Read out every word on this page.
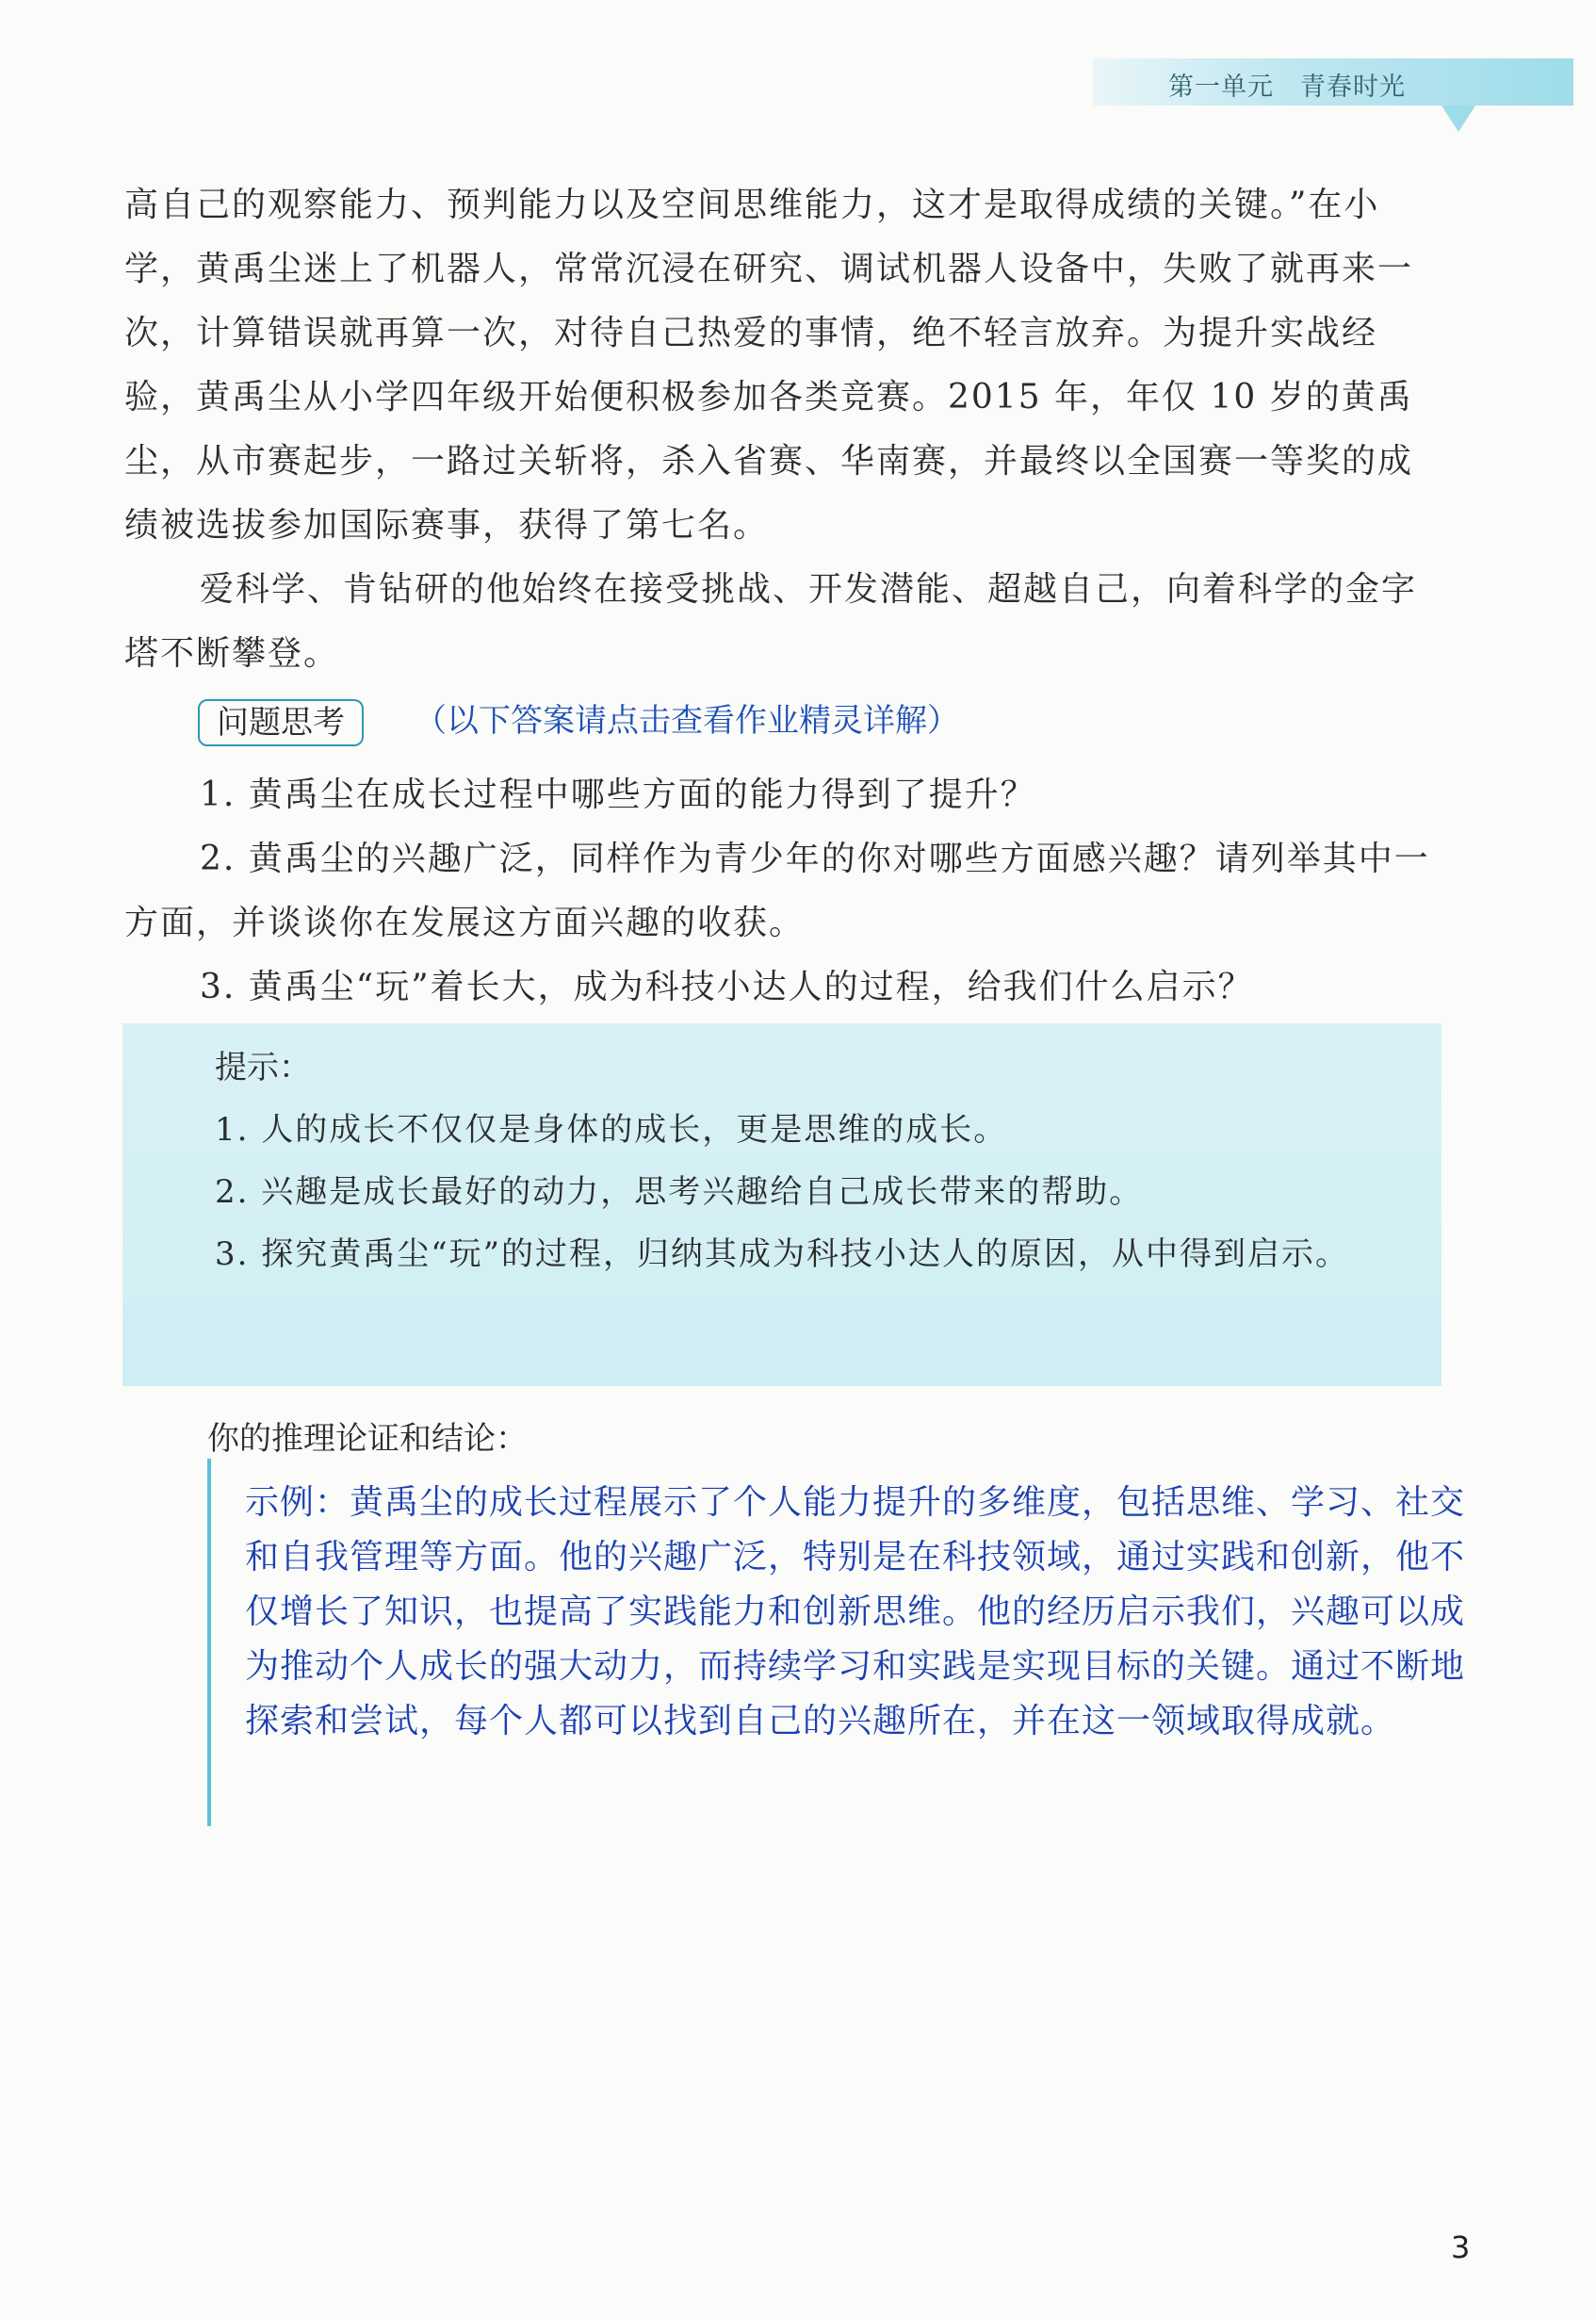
第一单元　青春时光

高自己的观察能力、预判能力以及空间思维能力，这才是取得成绩的关键。”在小学，黄禹尘迷上了机器人，常常沉浸在研究、调试机器人设备中，失败了就再来一次，计算错误就再算一次，对待自己热爱的事情，绝不轻言放弃。为提升实战经验，黄禹尘从小学四年级开始便积极参加各类竞赛。2015 年，年仅 10 岁的黄禹尘，从市赛起步，一路过关斩将，杀入省赛、华南赛，并最终以全国赛一等奖的成绩被选拔参加国际赛事，获得了第七名。

爱科学、肯钻研的他始终在接受挑战、开发潜能、超越自己，向着科学的金字塔不断攀登。

问题思考	（以下答案请点击查看作业精灵详解）

1. 黄禹尘在成长过程中哪些方面的能力得到了提升？

2. 黄禹尘的兴趣广泛，同样作为青少年的你对哪些方面感兴趣？请列举其中一方面，并谈谈你在发展这方面兴趣的收获。

3. 黄禹尘“玩”着长大，成为科技小达人的过程，给我们什么启示？

提示：

1. 人的成长不仅仅是身体的成长，更是思维的成长。

2. 兴趣是成长最好的动力，思考兴趣给自己成长带来的帮助。

3. 探究黄禹尘“玩”的过程，归纳其成为科技小达人的原因，从中得到启示。

你的推理论证和结论：

示例：黄禹尘的成长过程展示了个人能力提升的多维度，包括思维、学习、社交和自我管理等方面。他的兴趣广泛，特别是在科技领域，通过实践和创新，他不仅增长了知识，也提高了实践能力和创新思维。他的经历启示我们，兴趣可以成为推动个人成长的强大动力，而持续学习和实践是实现目标的关键。通过不断地探索和尝试，每个人都可以找到自己的兴趣所在，并在这一领域取得成就。

3
